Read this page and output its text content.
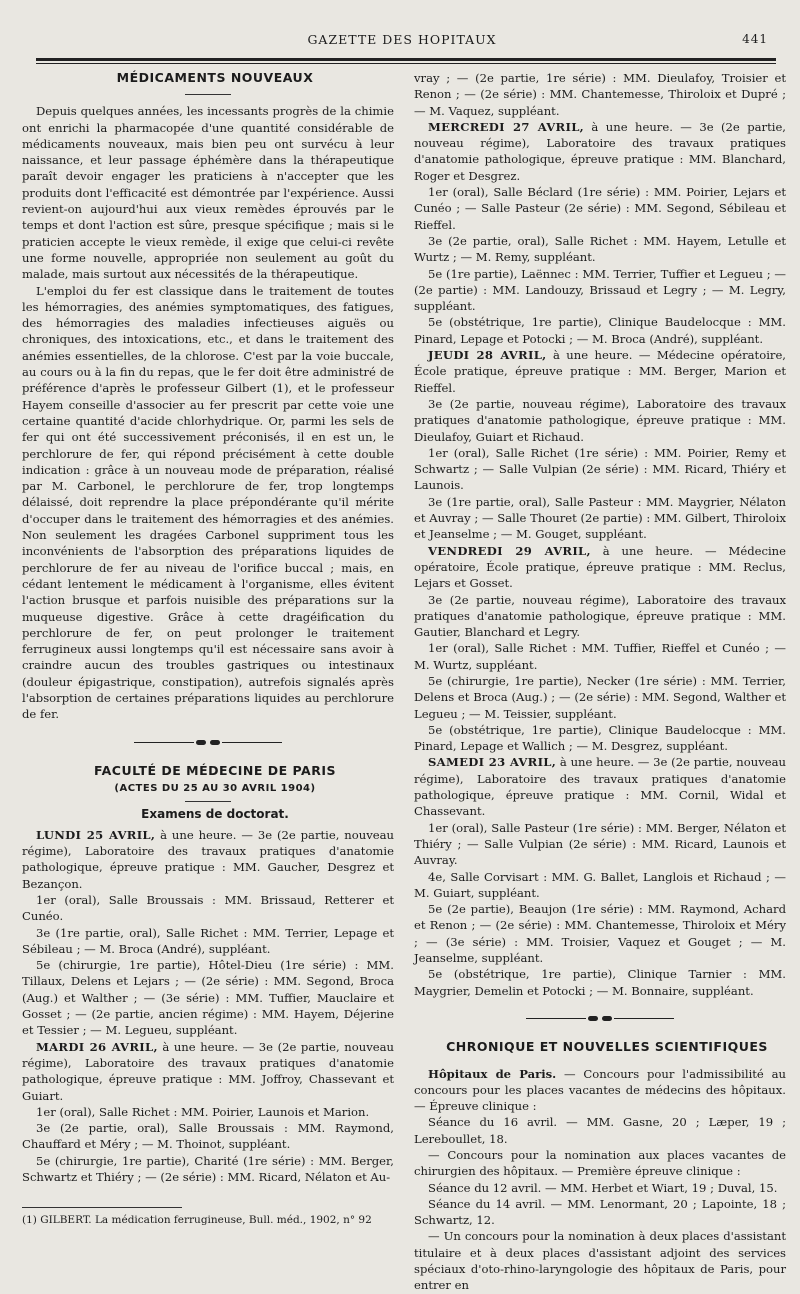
GAZETTE DES HOPITAUX	441

MÉDICAMENTS NOUVEAUX

Depuis quelques années, les incessants progrès de la chimie ont enrichi la pharmacopée d'une quantité considérable de médicaments nouveaux, mais bien peu ont survécu à leur naissance, et leur passage éphémère dans la thérapeutique paraît devoir engager les praticiens à n'accepter que les produits dont l'efficacité est démontrée par l'expérience. Aussi revient-on aujourd'hui aux vieux remèdes éprouvés par le temps et dont l'action est sûre, presque spécifique ; mais si le praticien accepte le vieux remède, il exige que celui-ci revête une forme nouvelle, appropriée non seulement au goût du malade, mais surtout aux nécessités de la thérapeutique.

L'emploi du fer est classique dans le traitement de toutes les hémorragies, des anémies symptomatiques, des fatigues, des hémorragies des maladies infectieuses aiguës ou chroniques, des intoxications, etc., et dans le traitement des anémies essentielles, de la chlorose. C'est par la voie buccale, au cours ou à la fin du repas, que le fer doit être administré de préférence d'après le professeur Gilbert (1), et le professeur Hayem conseille d'associer au fer prescrit par cette voie une certaine quantité d'acide chlorhydrique. Or, parmi les sels de fer qui ont été successivement préconisés, il en est un, le perchlorure de fer, qui répond précisément à cette double indication : grâce à un nouveau mode de préparation, réalisé par M. Carbonel, le perchlorure de fer, trop longtemps délaissé, doit reprendre la place prépondérante qu'il mérite d'occuper dans le traitement des hémorragies et des anémies. Non seulement les dragées Carbonel suppriment tous les inconvénients de l'absorption des préparations liquides de perchlorure de fer au niveau de l'orifice buccal ; mais, en cédant lentement le médicament à l'organisme, elles évitent l'action brusque et parfois nuisible des préparations sur la muqueuse digestive. Grâce à cette dragéification du perchlorure de fer, on peut prolonger le traitement ferrugineux aussi longtemps qu'il est nécessaire sans avoir à craindre aucun des troubles gastriques ou intestinaux (douleur épigastrique, constipation), autrefois signalés après l'absorption de certaines préparations liquides au perchlorure de fer.

FACULTÉ DE MÉDECINE DE PARIS

(ACTES DU 25 AU 30 AVRIL 1904)

Examens de doctorat.

LUNDI 25 AVRIL, à une heure. — 3e (2e partie, nouveau régime), Laboratoire des travaux pratiques d'anatomie pathologique, épreuve pratique : MM. Gaucher, Desgrez et Bezançon.

1er (oral), Salle Broussais : MM. Brissaud, Retterer et Cunéo.

3e (1re partie, oral), Salle Richet : MM. Terrier, Lepage et Sébileau ; — M. Broca (André), suppléant.

5e (chirurgie, 1re partie), Hôtel-Dieu (1re série) : MM. Tillaux, Delens et Lejars ; — (2e série) : MM. Segond, Broca (Aug.) et Walther ; — (3e série) : MM. Tuffier, Mauclaire et Gosset ; — (2e partie, ancien régime) : MM. Hayem, Déjerine et Tessier ; — M. Legueu, suppléant.

MARDI 26 AVRIL, à une heure. — 3e (2e partie, nouveau régime), Laboratoire des travaux pratiques d'anatomie pathologique, épreuve pratique : MM. Joffroy, Chassevant et Guiart.

1er (oral), Salle Richet : MM. Poirier, Launois et Marion.

3e (2e partie, oral), Salle Broussais : MM. Raymond, Chauffard et Méry ; — M. Thoinot, suppléant.

5e (chirurgie, 1re partie), Charité (1re série) : MM. Berger, Schwartz et Thiéry ; — (2e série) : MM. Ricard, Nélaton et Au-

(1) GILBERT. La médication ferrugineuse, Bull. méd., 1902, n° 92

vray ; — (2e partie, 1re série) : MM. Dieulafoy, Troisier et Renon ; — (2e série) : MM. Chantemesse, Thiroloix et Dupré ; — M. Vaquez, suppléant.

MERCREDI 27 AVRIL, à une heure. — 3e (2e partie, nouveau régime), Laboratoire des travaux pratiques d'anatomie pathologique, épreuve pratique : MM. Blanchard, Roger et Desgrez.

1er (oral), Salle Béclard (1re série) : MM. Poirier, Lejars et Cunéo ; — Salle Pasteur (2e série) : MM. Segond, Sébileau et Rieffel.

3e (2e partie, oral), Salle Richet : MM. Hayem, Letulle et Wurtz ; — M. Remy, suppléant.

5e (1re partie), Laënnec : MM. Terrier, Tuffier et Legueu ; — (2e partie) : MM. Landouzy, Brissaud et Legry ; — M. Legry, suppléant.

5e (obstétrique, 1re partie), Clinique Baudelocque : MM. Pinard, Lepage et Potocki ; — M. Broca (André), suppléant.

JEUDI 28 AVRIL, à une heure. — Médecine opératoire, École pratique, épreuve pratique : MM. Berger, Marion et Rieffel.

3e (2e partie, nouveau régime), Laboratoire des travaux pratiques d'anatomie pathologique, épreuve pratique : MM. Dieulafoy, Guiart et Richaud.

1er (oral), Salle Richet (1re série) : MM. Poirier, Remy et Schwartz ; — Salle Vulpian (2e série) : MM. Ricard, Thiéry et Launois.

3e (1re partie, oral), Salle Pasteur : MM. Maygrier, Nélaton et Auvray ; — Salle Thouret (2e partie) : MM. Gilbert, Thiroloix et Jeanselme ; — M. Gouget, suppléant.

VENDREDI 29 AVRIL, à une heure. — Médecine opératoire, École pratique, épreuve pratique : MM. Reclus, Lejars et Gosset.

3e (2e partie, nouveau régime), Laboratoire des travaux pratiques d'anatomie pathologique, épreuve pratique : MM. Gautier, Blanchard et Legry.

1er (oral), Salle Richet : MM. Tuffier, Rieffel et Cunéo ; — M. Wurtz, suppléant.

5e (chirurgie, 1re partie), Necker (1re série) : MM. Terrier, Delens et Broca (Aug.) ; — (2e série) : MM. Segond, Walther et Legueu ; — M. Teissier, suppléant.

5e (obstétrique, 1re partie), Clinique Baudelocque : MM. Pinard, Lepage et Wallich ; — M. Desgrez, suppléant.

SAMEDI 23 AVRIL, à une heure. — 3e (2e partie, nouveau régime), Laboratoire des travaux pratiques d'anatomie pathologique, épreuve pratique : MM. Cornil, Widal et Chassevant.

1er (oral), Salle Pasteur (1re série) : MM. Berger, Nélaton et Thiéry ; — Salle Vulpian (2e série) : MM. Ricard, Launois et Auvray.

4e, Salle Corvisart : MM. G. Ballet, Langlois et Richaud ; — M. Guiart, suppléant.

5e (2e partie), Beaujon (1re série) : MM. Raymond, Achard et Renon ; — (2e série) : MM. Chantemesse, Thiroloix et Méry ; — (3e série) : MM. Troisier, Vaquez et Gouget ; — M. Jeanselme, suppléant.

5e (obstétrique, 1re partie), Clinique Tarnier : MM. Maygrier, Demelin et Potocki ; — M. Bonnaire, suppléant.

CHRONIQUE ET NOUVELLES SCIENTIFIQUES

Hôpitaux de Paris. — Concours pour l'admissibilité au concours pour les places vacantes de médecins des hôpitaux. — Épreuve clinique :

Séance du 16 avril. — MM. Gasne, 20 ; Læper, 19 ; Lereboullet, 18.

— Concours pour la nomination aux places vacantes de chirurgien des hôpitaux. — Première épreuve clinique :

Séance du 12 avril. — MM. Herbet et Wiart, 19 ; Duval, 15.

Séance du 14 avril. — MM. Lenormant, 20 ; Lapointe, 18 ; Schwartz, 12.

— Un concours pour la nomination à deux places d'assistant titulaire et à deux places d'assistant adjoint des services spéciaux d'oto-rhino-laryngologie des hôpitaux de Paris, pour entrer en
